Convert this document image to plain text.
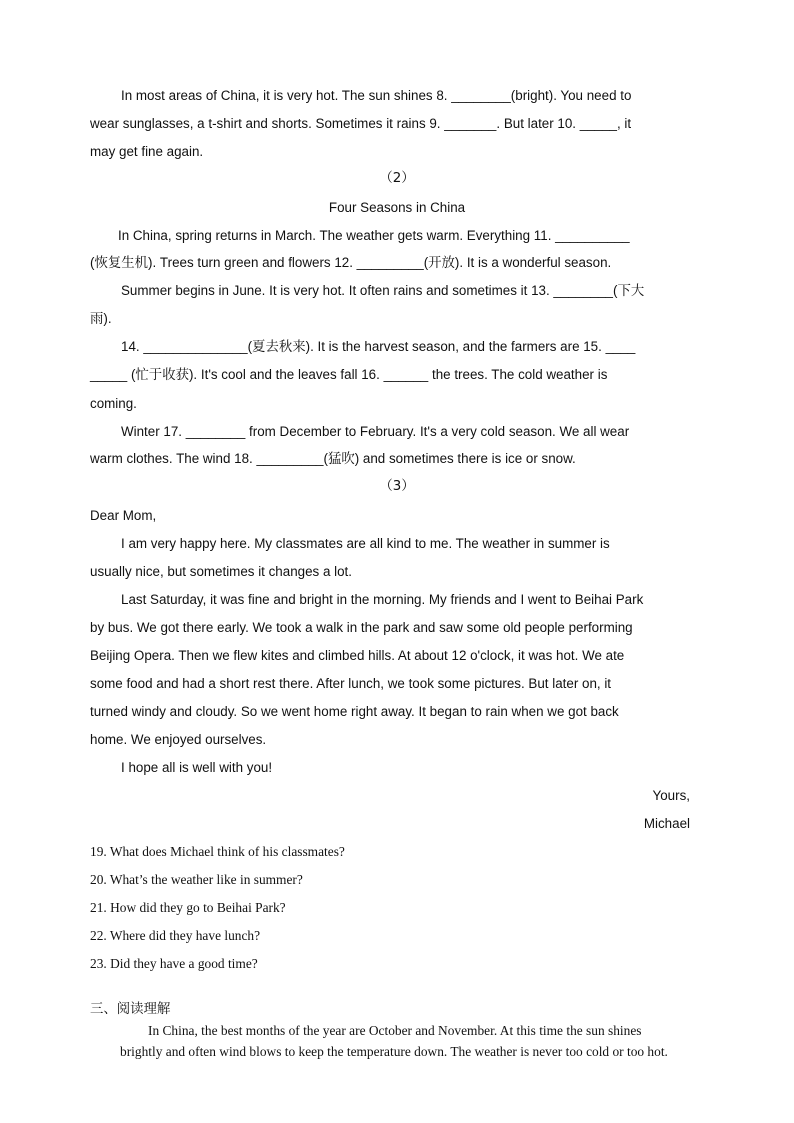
In most areas of China, it is very hot. The sun shines 8. ________(bright). You need to
wear sunglasses, a t-shirt and shorts. Sometimes it rains 9. _______. But later 10. _____, it
may get fine again.
（2）
Four Seasons in China
In China, spring returns in March. The weather gets warm. Everything 11. __________
(恢复生机). Trees turn green and flowers 12. _________(开放). It is a wonderful season.
Summer begins in June. It is very hot. It often rains and sometimes it 13. ________(下大
雨).
14. ______________(夏去秋来). It is the harvest season, and the farmers are 15. ____
_____ (忙于收获). It's cool and the leaves fall 16. ______ the trees. The cold weather is
coming.
Winter 17. ________ from December to February. It's a very cold season. We all wear
warm clothes. The wind 18. _________(猛吹) and sometimes there is ice or snow.
（3）
Dear Mom,
I am very happy here. My classmates are all kind to me. The weather in summer is
usually nice, but sometimes it changes a lot.
Last Saturday, it was fine and bright in the morning. My friends and I went to Beihai Park
by bus. We got there early. We took a walk in the park and saw some old people performing
Beijing Opera. Then we flew kites and climbed hills. At about 12 o'clock, it was hot. We ate
some food and had a short rest there. After lunch, we took some pictures. But later on, it
turned windy and cloudy. So we went home right away. It began to rain when we got back
home. We enjoyed ourselves.
I hope all is well with you!
Yours,
Michael
19. What does Michael think of his classmates?
20. What’s the weather like in summer?
21. How did they go to Beihai Park?
22. Where did they have lunch?
23. Did they have a good time?
三、阅读理解
In China, the best months of the year are October and November. At this time the sun shines
brightly and often wind blows to keep the temperature down. The weather is never too cold or too hot.
